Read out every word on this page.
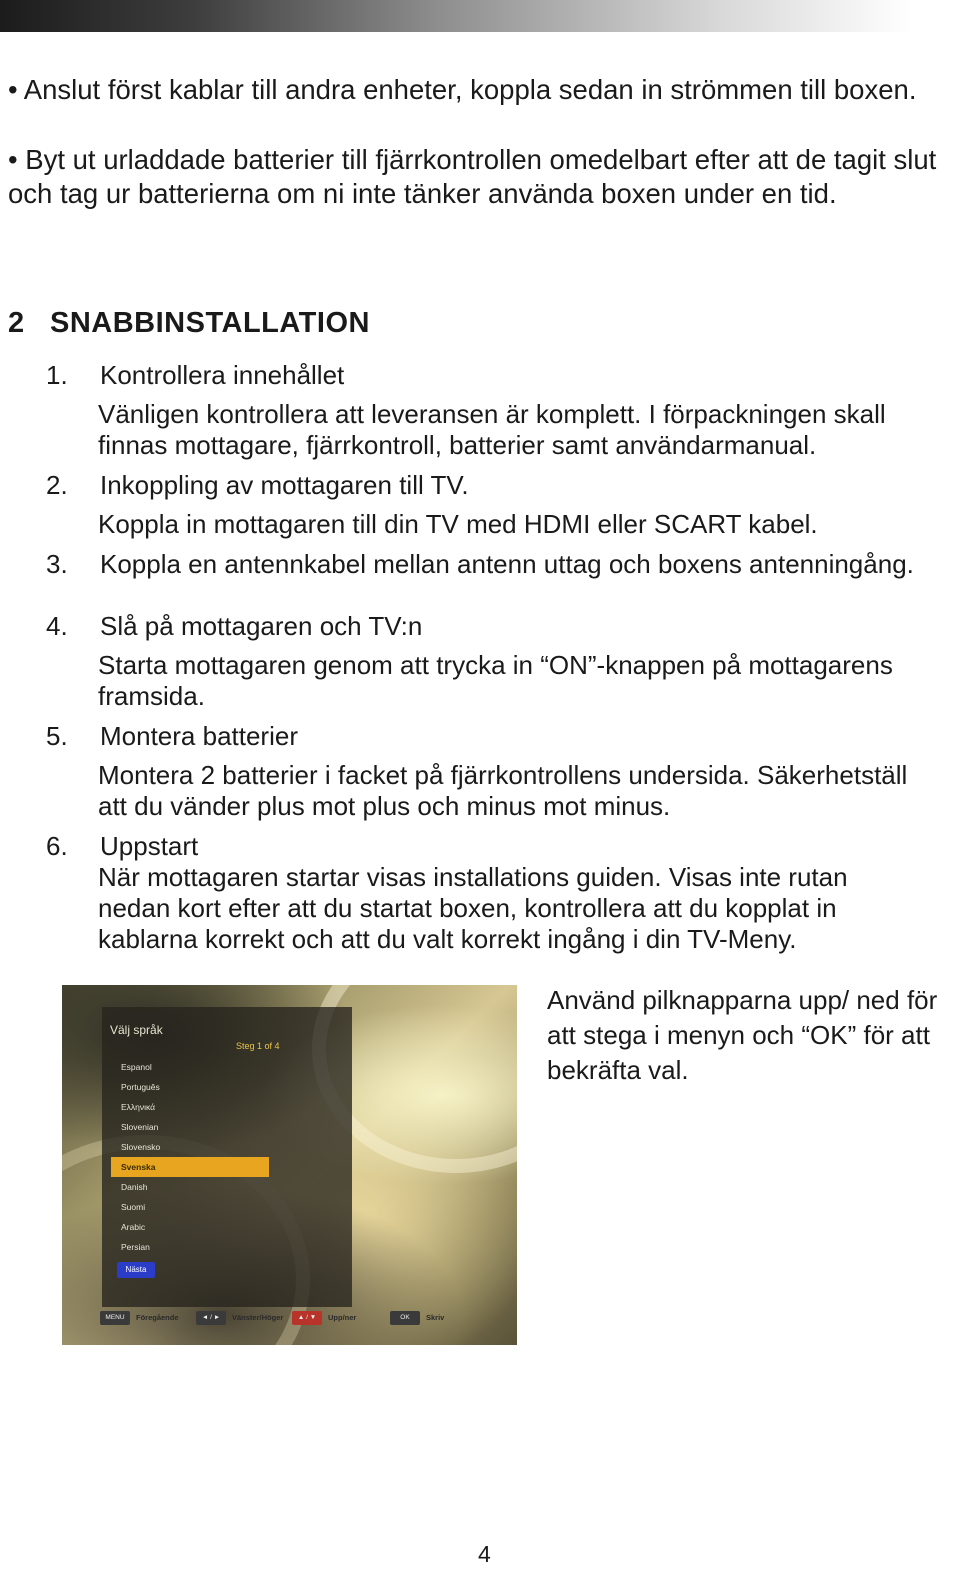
• Anslut först kablar till andra enheter, koppla sedan in strömmen till boxen.

• Byt ut urladdade batterier till fjärrkontrollen omedelbart efter att de tagit slut och tag ur batterierna om ni inte tänker använda boxen under en tid.

2 SNABBINSTALLATION

1. Kontrollera innehållet

Vänligen kontrollera att leveransen är komplett. I förpackningen skall

finnas mottagare, fjärrkontroll, batterier samt användarmanual.

2. Inkoppling av mottagaren till TV.

Koppla in mottagaren till din TV med HDMI eller SCART kabel.

3. Koppla en antennkabel mellan antenn uttag och boxens antenningång.

4. Slå på mottagaren och TV:n

Starta mottagaren genom att trycka in “ON”-knappen på mottagarens

framsida.

5. Montera batterier

Montera 2 batterier i facket på fjärrkontrollens undersida. Säkerhetställ

att du vänder plus mot plus och minus mot minus.

6. Uppstart

När mottagaren startar visas installations guiden. Visas inte rutan

nedan kort efter att du startat boxen, kontrollera att du kopplat in

kablarna korrekt och att du valt korrekt ingång i din TV-Meny.

Välj språk
Steg 1 of 4
Espanol
Português
Ελληνικά
Slovenian
Slovensko
Svenska
Danish
Suomi
Arabic
Persian
Nästa
MENU	Föregående	◄ / ►	Vänster/Höger	▲ / ▼	Upp/ner	OK	Skriv

Använd pilknapparna upp/ ned för att stega i menyn och “OK” för att bekräfta val.

4
